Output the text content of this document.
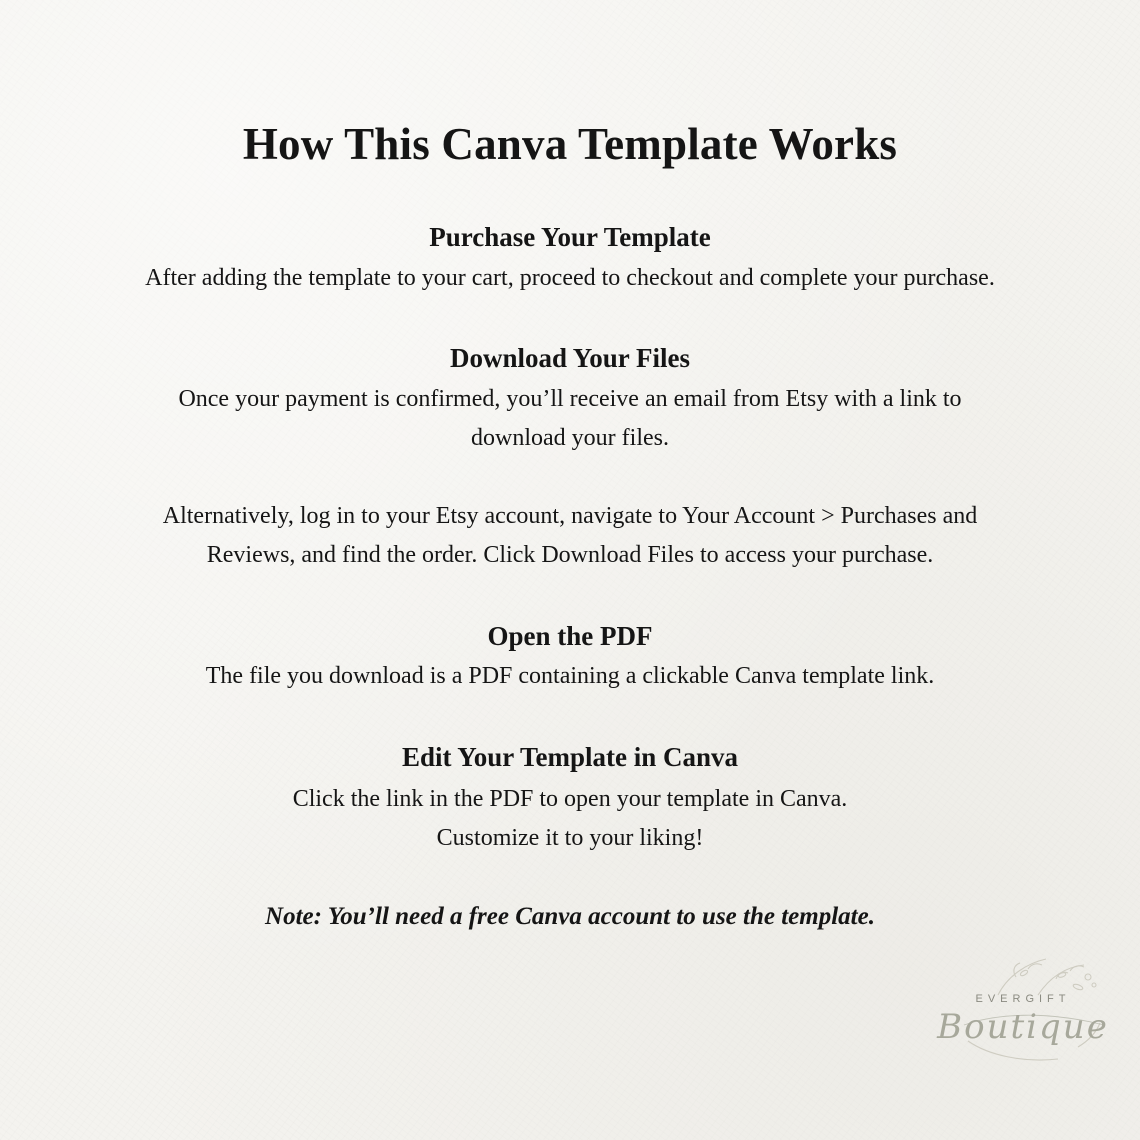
How This Canva Template Works
Purchase Your Template

After adding the template to your cart, proceed to checkout and complete your purchase.

Download Your Files

Once your payment is confirmed, you’ll receive an email from Etsy with a link to
download your files.

Alternatively, log in to your Etsy account, navigate to Your Account > Purchases and
Reviews, and find the order. Click Download Files to access your purchase.

Open the PDF

The file you download is a PDF containing a clickable Canva template link.

Edit Your Template in Canva

Click the link in the PDF to open your template in Canva.
Customize it to your liking!

Note: You’ll need a free Canva account to use the template.

EVERGIFT
Boutique
